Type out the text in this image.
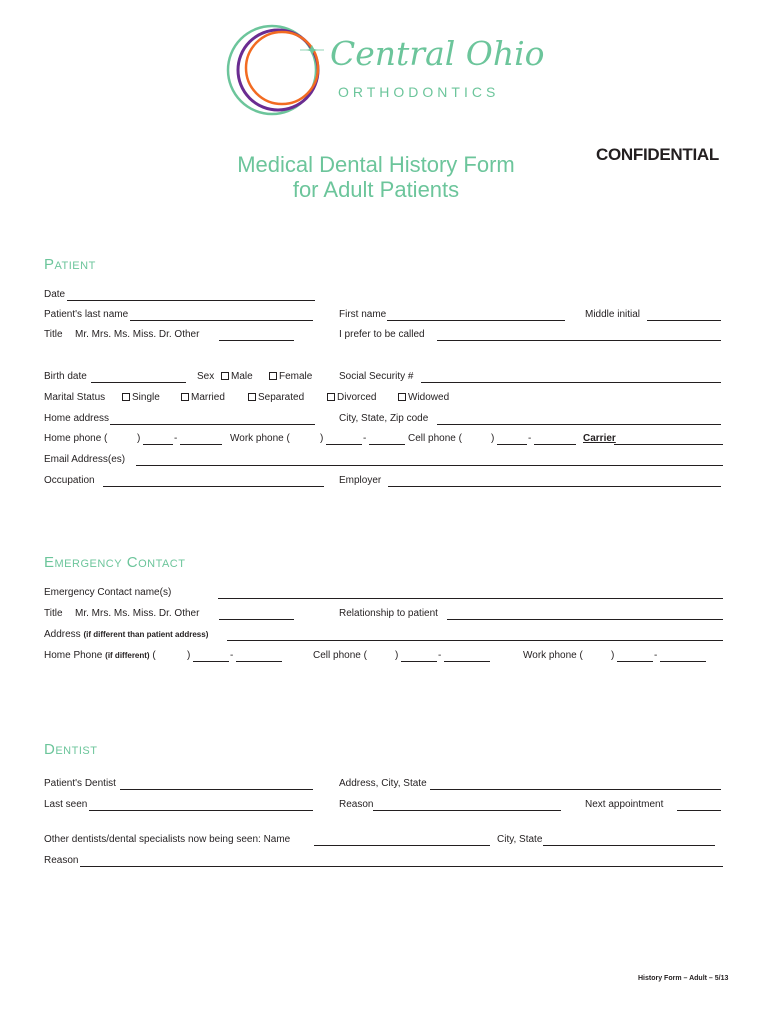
Central Ohio
ORTHODONTICS
Medical Dental History Form
for Adult Patients
CONFIDENTIAL
Patient
Date
Patient's last name	First name	Middle initial
Title Mr. Mrs. Ms. Miss. Dr. Other	I prefer to be called
Birth date	Sex	Male	Female	Social Security #
Marital Status	Single	Married	Separated	Divorced	Widowed
Home address	City, State, Zip code
Home phone (	)	-	Work phone (	)	-	Cell phone (	)	-	Carrier
Email Address(es)
Occupation	Employer
Emergency Contact
Emergency Contact name(s)
Title Mr. Mrs. Ms. Miss. Dr. Other	Relationship to patient
Address (if different than patient address)
Home Phone (if different) (	)	-	Cell phone (	)	-	Work phone (	)	-
Dentist
Patient's Dentist	Address, City, State
Last seen	Reason	Next appointment
Other dentists/dental specialists now being seen: Name	City, State
Reason
History Form – Adult – 5/13
